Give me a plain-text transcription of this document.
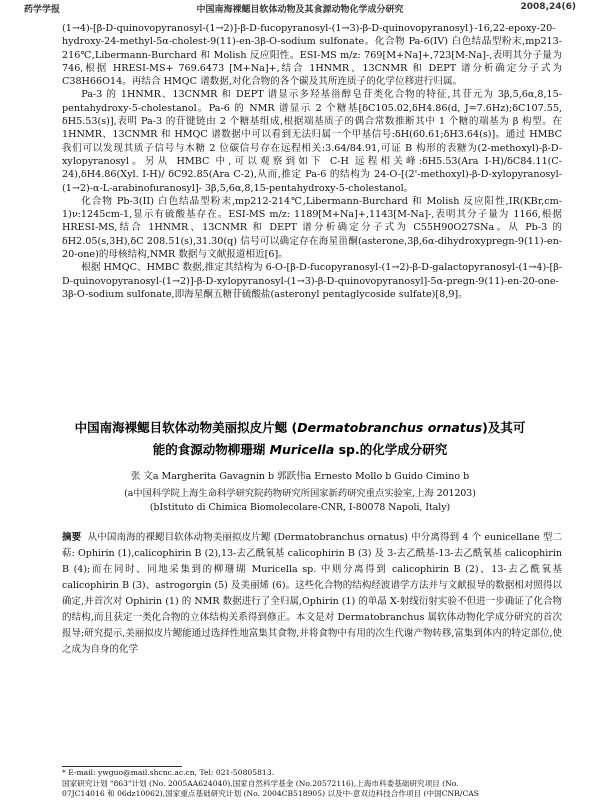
药学学报	中国南海裸鳃目软体动物及其食源动物化学成分研究	2008,24(6)

(1→4)-[β-D-quinovopyranosyl-(1→2)]-β-D-fucopyranosyl-(1→3)-β-D-quinovopyranosyl}-16,22-epoxy-20-hydroxy-24-methyl-5α-cholest-9(11)-en-3β-O-sodium sulfonate。化合物 Pa-6(IV) 白色结晶型粉末,mp213-216℃,Libermann-Burchard 和 Molish 反应阳性。ESI-MS m/z: 769[M+Na]+,723[M-Na]-,表明其分子量为 746,根据 HRESI-MS+ 769.6473 [M+Na]+,结合 1HNMR、13CNMR 和 DEPT 谱分析确定分子式为 C38H66O14。再结合 HMQC 谱数据,对化合物的各个碳及其所连质子的化学位移进行归属。

Pa-3 的 1HNMR、13CNMR 和 DEPT 谱显示多羟基甾醇皂苷类化合物的特征,其苷元为 3β,5,6α,8,15-pentahydroxy-5-cholestanol。Pa-6 的 NMR 谱显示 2 个糖基[δC105.02,δH4.86(d, J=7.6Hz);δC107.55, δH5.53(s)],表明 Pa-3 的苷键链由 2 个糖基组成,根据端基质子的偶合常数推断其中 1 个糖的端基为 β 构型。在 1HNMR、13CNMR 和 HMQC 谱数据中可以看到无法归属一个甲基信号:δH(60.61;δH3.64(s)]。通过 HMBC 我们可以发现其质子信号与木糖 2 位碳信号存在远程相关:3.64/84.91,可证 B 构形的表糖为(2-methoxyl)-β-D-xylopyranosyl。另从 HMBC 中,可以观察到如下 C-H 远程相关峰:δH5.53(Ara I-H)/δC84.11(C-24),δH4.86(Xyl. I-H)/ δC92.85(Ara C-2),从而,推定 Pa-6 的结构为 24-O-[(2'-methoxyl)-β-D-xylopyranosyl-(1→2)-α-L-arabinofuranosyl]- 3β,5,6α,8,15-pentahydroxy-5-cholestanol。

化合物 Pb-3(II) 白色结晶型粉末,mp212-214℃,Libermann-Burchard 和 Molish 反应阳性,IR(KBr,cm-1)ν:1245cm-1,显示有硫酸基存在。ESI-MS m/z: 1189[M+Na]+,1143[M-Na]-,表明其分子量为 1166,根据 HRESI-MS,结合 1HNMR、13CNMR 和 DEPT 谱分析确定分子式为 C55H90O27SNa。从 Pb-3 的 δH2.05(s,3H),δC 208.51(s),31.30(q) 信号可以确定存在海星甾酮(asterone,3β,6α-dihydroxypregn-9(11)-en-20-one)的母核结构,NMR 数据与文献报道相近[6]。

根据 HMQC、HMBC 数据,推定其结构为 6-O-[β-D-fucopyranosyl-(1→2)-β-D-galactopyranosyl-(1→4)-[β-D-quinovopyranosyl-(1→2)]-β-D-xylopyranosyl-(1→3)-β-D-quinovopyranosyl]-5α-pregn-9(11)-en-20-one-3β-O-sodium sulfonate,即海星酮五糖苷硫酸盐(asteronyl pentaglycoside sulfate)[8,9]。

中国南海裸鳃目软体动物美丽拟皮片鳃 (Dermatobranchus ornatus)及其可
能的食源动物柳珊瑚 Muricella sp.的化学成分研究
张 文a Margherita Gavagnin b 郭跃伟a Ernesto Mollo b Guido Cimino b
(a中国科学院上海生命科学研究院药物研究所国家新药研究重点实验室,上海 201203)
(bIstituto di Chimica Biomolecolare-CNR, I-80078 Napoli, Italy)
摘要 从中国南海的裸鳃目软体动物美丽拟皮片鳃 (Dermatobranchus ornatus) 中分离得到 4 个 eunicellane 型二萜: Ophirin (1),calicophirin B (2),13-去乙酰氧基 calicophirin B (3) 及 3-去乙酰基-13-去乙酰氧基 calicophirin B (4);而在同时、同地采集到的柳珊瑚 Muricella sp. 中则分离得到 calicophirin B (2)、13-去乙酰氧基 calicophirin B (3)、astrogorgin (5) 及美丽烯 (6)。这些化合物的结构经波谱学方法并与文献报导的数据相对照得以确定,并首次对 Ophirin (1) 的 NMR 数据进行了全归属,Ophirin (1) 的单晶 X-射线衍射实验不但进一步确证了化合物的结构,而且获定一类化合物的立体结构关系得到修正。本文是对 Dermatobranchus 属软体动物化学成分研究的首次报导;研究提示,美丽拟皮片鳃能通过选择性地富集其食物,并将食物中有用的次生代谢产物转移,富集到体内的特定部位,使之成为自身的化学

* E-mail: ywguo@mail.shcnc.ac.cn, Tel: 021-50805813.

国家研究计划 "863"计划 (No. 2005AA624040),国家自然科学基金 (No.20572116),上海市科委基础研究项目 (No.

07JC14016 和 06dz10062),国家重点基础研究计划 (No. 2004CB518905) 以及中-意双边科技合作项目 (中国CNR/CAS
